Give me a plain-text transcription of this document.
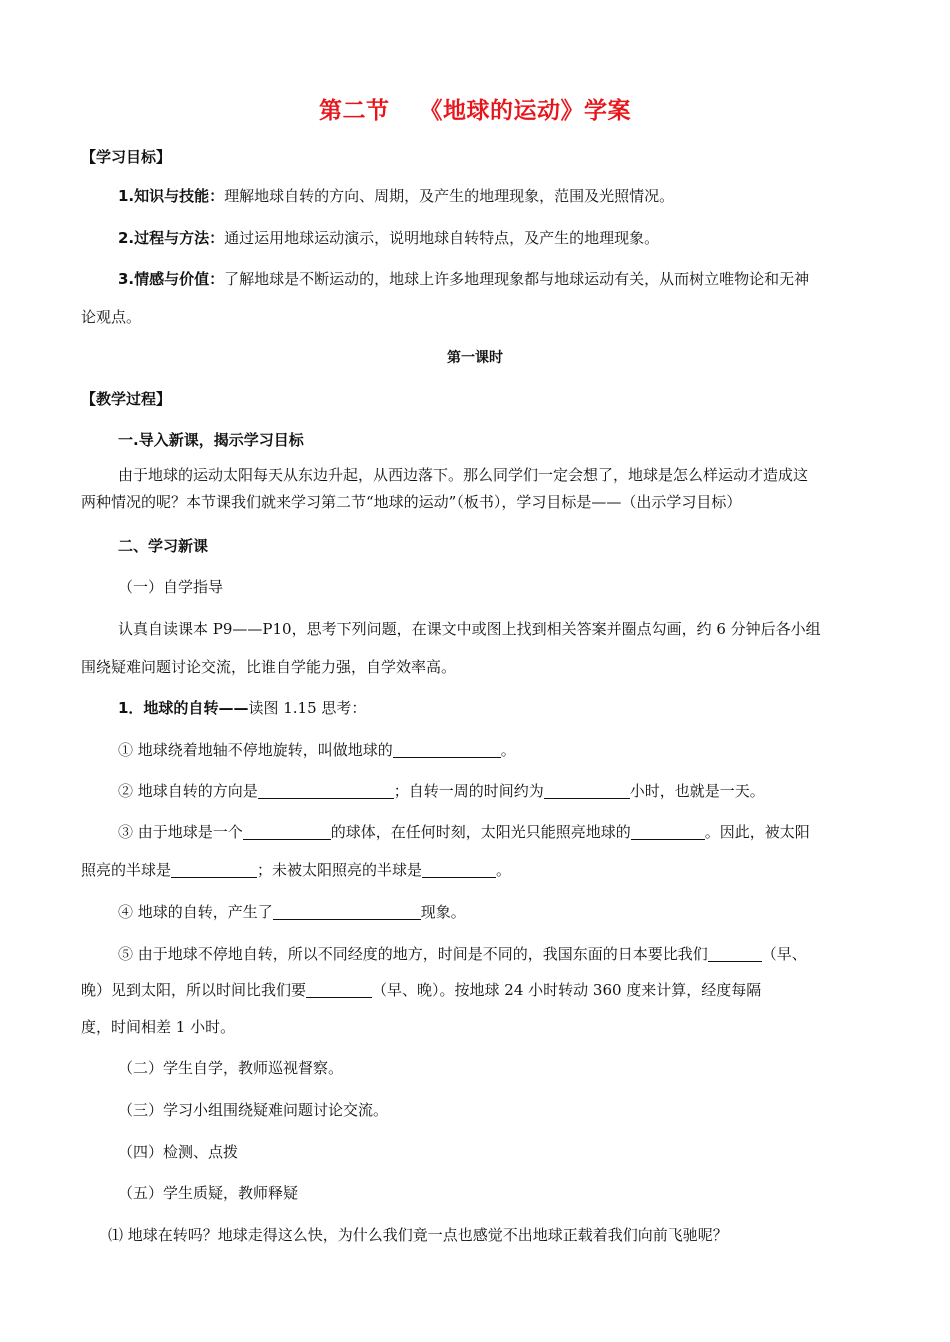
第二节 《地球的运动》学案
【学习目标】
1.知识与技能：理解地球自转的方向、周期，及产生的地理现象，范围及光照情况。
2.过程与方法：通过运用地球运动演示，说明地球自转特点，及产生的地理现象。
3.情感与价值：了解地球是不断运动的，地球上许多地理现象都与地球运动有关，从而树立唯物论和无神
论观点。
第一课时
【教学过程】
一.导入新课，揭示学习目标
由于地球的运动太阳每天从东边升起，从西边落下。那么同学们一定会想了，地球是怎么样运动才造成这
两种情况的呢？本节课我们就来学习第二节“地球的运动”（板书），学习目标是——（出示学习目标）
二、学习新课
（一）自学指导
认真自读课本 P9——P10，思考下列问题，在课文中或图上找到相关答案并圈点勾画，约 6 分钟后各小组
围绕疑难问题讨论交流，比谁自学能力强，自学效率高。
1．地球的自转——读图 1.15 思考：
① 地球绕着地轴不停地旋转，叫做地球的	。
② 地球自转的方向是	；自转一周的时间约为	小时，也就是一天。
③ 由于地球是一个	的球体，在任何时刻，太阳光只能照亮地球的	。因此，被太阳
照亮的半球是	；未被太阳照亮的半球是	。
④ 地球的自转，产生了	现象。
⑤ 由于地球不停地自转，所以不同经度的地方，时间是不同的，我国东面的日本要比我们	（早、
晚）见到太阳，所以时间比我们要	（早、晚）。按地球 24 小时转动 360 度来计算，经度每隔
度，时间相差 1 小时。
（二）学生自学，教师巡视督察。
（三）学习小组围绕疑难问题讨论交流。
（四）检测、点拨
（五）学生质疑，教师释疑
⑴ 地球在转吗？地球走得这么快，为什么我们竟一点也感觉不出地球正载着我们向前飞驰呢？
